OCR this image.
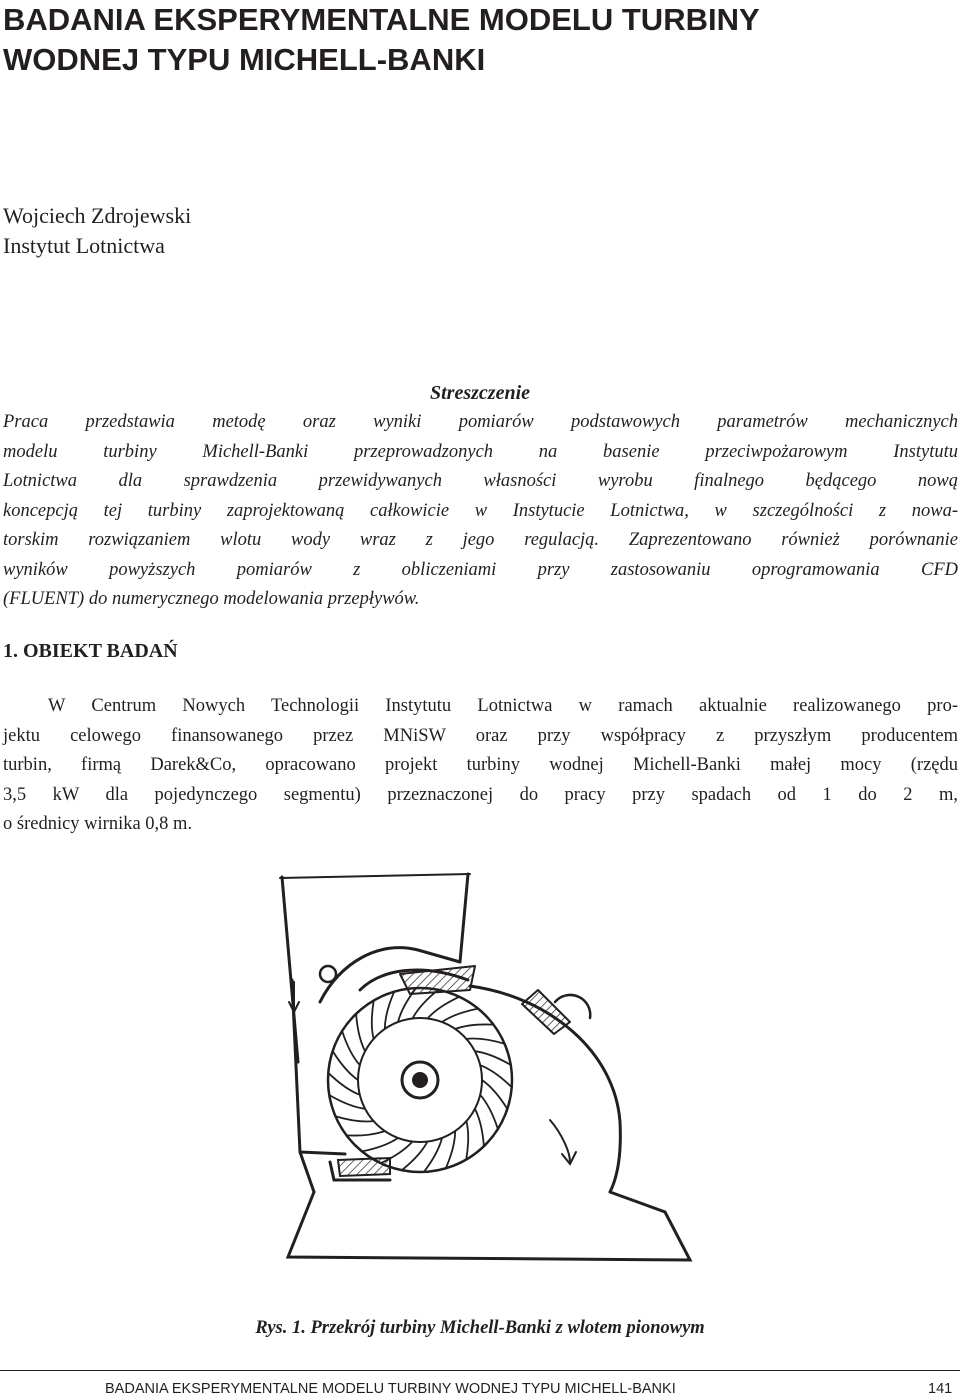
BADANIA EKSPERYMENTALNE MODELU TURBINY
WODNEJ TYPU MICHELL-BANKI

Wojciech Zdrojewski

Instytut Lotnictwa

Streszczenie

Praca przedstawia metodę oraz wyniki pomiarów podstawowych parametrów mechanicznych
modelu turbiny Michell-Banki przeprowadzonych na basenie przeciwpożarowym Instytutu
Lotnictwa dla sprawdzenia przewidywanych własności wyrobu finalnego będącego nową
koncepcją tej turbiny zaprojektowaną całkowicie w Instytucie Lotnictwa, w szczególności z nowa-
torskim rozwiązaniem wlotu wody wraz z jego regulacją. Zaprezentowano również porównanie
wyników powyższych pomiarów z obliczeniami przy zastosowaniu oprogramowania CFD
(FLUENT) do numerycznego modelowania przepływów.
1. OBIEKT BADAŃ
W Centrum Nowych Technologii Instytutu Lotnictwa w ramach aktualnie realizowanego pro-
jektu celowego finansowanego przez MNiSW oraz przy współpracy z przyszłym producentem
turbin, firmą Darek&Co, opracowano projekt turbiny wodnej Michell-Banki małej mocy (rzędu
3,5 kW dla pojedynczego segmentu) przeznaczonej do pracy przy spadach od 1 do 2 m,
o średnicy wirnika 0,8 m.

Rys. 1. Przekrój turbiny Michell-Banki z wlotem pionowym

BADANIA EKSPERYMENTALNE MODELU TURBINY WODNEJ TYPU MICHELL-BANKI	141
